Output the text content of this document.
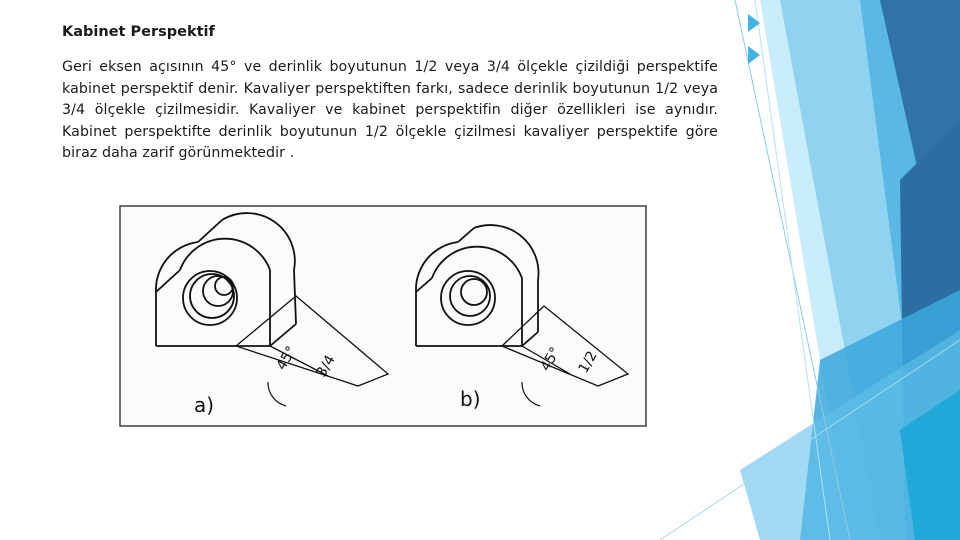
Kabinet Perspektif
Geri eksen açısının 45° ve derinlik boyutunun 1/2 veya 3/4 ölçekle çizildiği perspektife kabinet perspektif denir. Kavaliyer perspektiften farkı, sadece derinlik boyutunun 1/2 veya 3/4 ölçekle çizilmesidir. Kavaliyer ve kabinet perspektifin diğer özellikleri ise aynıdır. Kabinet perspektifte derinlik boyutunun 1/2 ölçekle çizilmesi kavaliyer perspektife göre biraz daha zarif görünmektedir .
45° 3/4
a)
45° 1/2
b)
